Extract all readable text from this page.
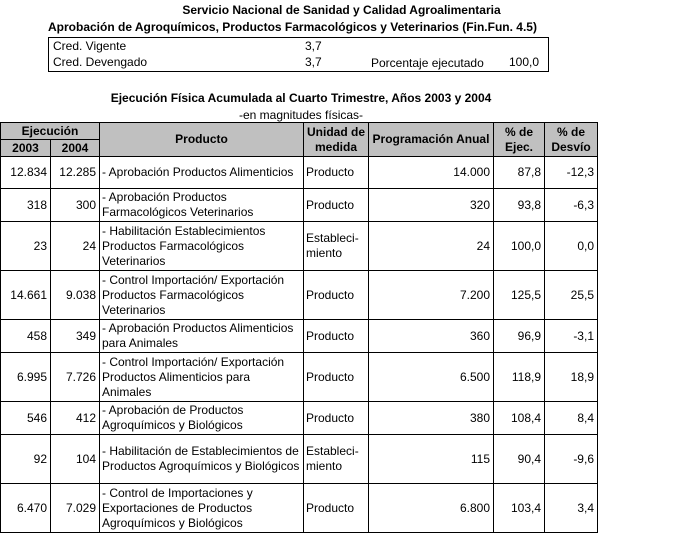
Servicio Nacional de Sanidad y Calidad Agroalimentaria
Aprobación de Agroquímicos, Productos Farmacológicos y Veterinarios (Fin.Fun. 4.5)
Cred. Vigente	3,7
Cred. Devengado	3,7	Porcentaje ejecutado 100,0
Ejecución Física Acumulada al Cuarto Trimestre, Años 2003 y 2004
-en magnitudes físicas-
Ejecución		Producto	Unidad de medida	Programación Anual	% de Ejec.	% de Desvío
2003	2004					
12.834	12.285	- Aprobación Productos Alimenticios	Producto	14.000	87,8	-12,3
318	300	- Aprobación Productos Farmacológicos Veterinarios	Producto	320	93,8	-6,3
23	24	- Habilitación Establecimientos Productos Farmacológicos Veterinarios	Estableci-miento	24	100,0	0,0
14.661	9.038	- Control Importación/ Exportación Productos Farmacológicos Veterinarios	Producto	7.200	125,5	25,5
458	349	- Aprobación Productos Alimenticios para Animales	Producto	360	96,9	-3,1
6.995	7.726	- Control Importación/ Exportación Productos Alimenticios para Animales	Producto	6.500	118,9	18,9
546	412	- Aprobación de Productos Agroquímicos y Biológicos	Producto	380	108,4	8,4
92	104	- Habilitación de Establecimientos de Productos Agroquímicos y Biológicos	Estableci-miento	115	90,4	-9,6
6.470	7.029	- Control de Importaciones y Exportaciones de Productos Agroquímicos y Biológicos	Producto	6.800	103,4	3,4
